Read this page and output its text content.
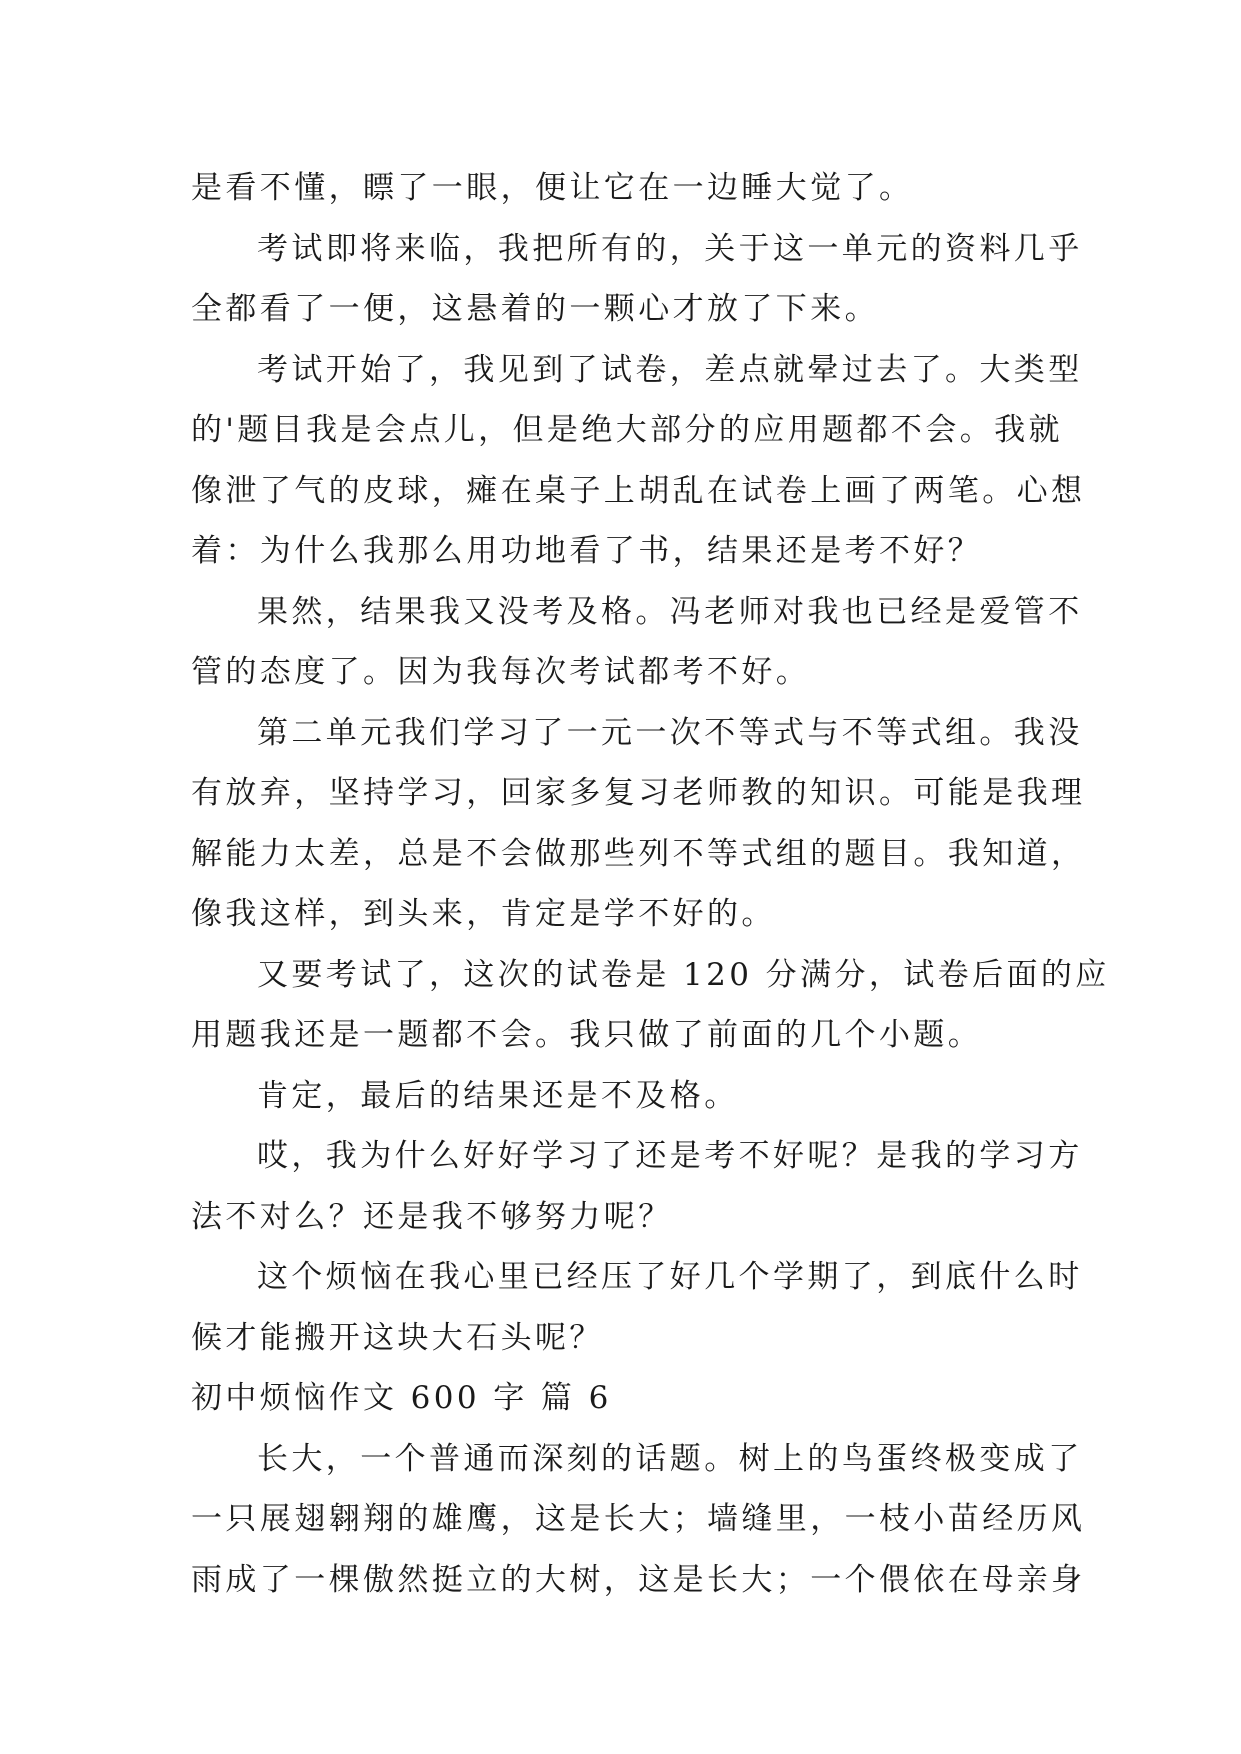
是看不懂，瞟了一眼，便让它在一边睡大觉了。
考试即将来临，我把所有的，关于这一单元的资料几乎
全都看了一便，这悬着的一颗心才放了下来。
考试开始了，我见到了试卷，差点就晕过去了。大类型
的'题目我是会点儿，但是绝大部分的应用题都不会。我就
像泄了气的皮球，瘫在桌子上胡乱在试卷上画了两笔。心想
着：为什么我那么用功地看了书，结果还是考不好？
果然，结果我又没考及格。冯老师对我也已经是爱管不
管的态度了。因为我每次考试都考不好。
第二单元我们学习了一元一次不等式与不等式组。我没
有放弃，坚持学习，回家多复习老师教的知识。可能是我理
解能力太差，总是不会做那些列不等式组的题目。我知道，
像我这样，到头来，肯定是学不好的。
又要考试了，这次的试卷是 120 分满分，试卷后面的应
用题我还是一题都不会。我只做了前面的几个小题。
肯定，最后的结果还是不及格。
哎，我为什么好好学习了还是考不好呢？是我的学习方
法不对么？还是我不够努力呢？
这个烦恼在我心里已经压了好几个学期了，到底什么时
候才能搬开这块大石头呢？
初中烦恼作文 600 字 篇 6
长大，一个普通而深刻的话题。树上的鸟蛋终极变成了
一只展翅翱翔的雄鹰，这是长大；墙缝里，一枝小苗经历风
雨成了一棵傲然挺立的大树，这是长大；一个偎依在母亲身
